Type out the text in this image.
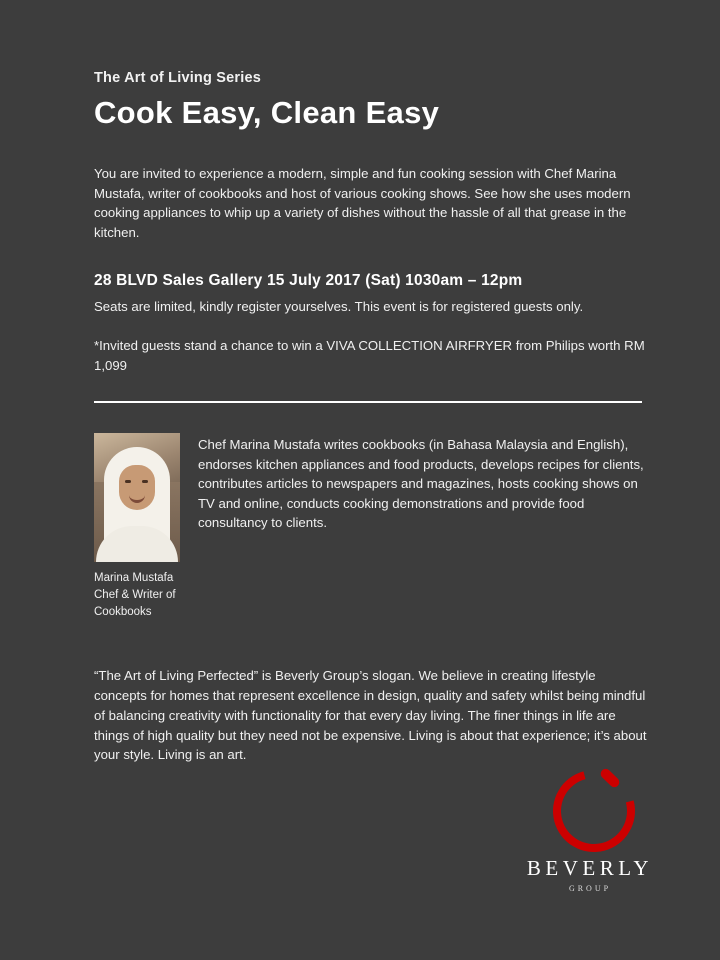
The Art of Living Series
Cook Easy, Clean Easy

You are invited to experience a modern, simple and fun cooking session with Chef Marina Mustafa, writer of cookbooks and host of various cooking shows. See how she uses modern cooking appliances to whip up a variety of dishes without the hassle of all that grease in the kitchen.

28 BLVD Sales Gallery 15 July 2017 (Sat) 1030am – 12pm
Seats are limited, kindly register yourselves. This event is for registered guests only.

*Invited guests stand a chance to win a VIVA COLLECTION AIRFRYER from Philips worth RM 1,099

Marina Mustafa
Chef & Writer of Cookbooks
Chef Marina Mustafa writes cookbooks (in Bahasa Malaysia and English), endorses kitchen appliances and food products, develops recipes for clients, contributes articles to newspapers and magazines, hosts cooking shows on TV and online, conducts cooking demonstrations and provide food consultancy to clients.

“The Art of Living Perfected” is Beverly Group’s slogan. We believe in creating lifestyle concepts for homes that represent excellence in design, quality and safety whilst being mindful of balancing creativity with functionality for that every day living. The finer things in life are things of high quality but they need not be expensive. Living is about that experience; it’s about your style. Living is an art.

BEVERLY
GROUP
